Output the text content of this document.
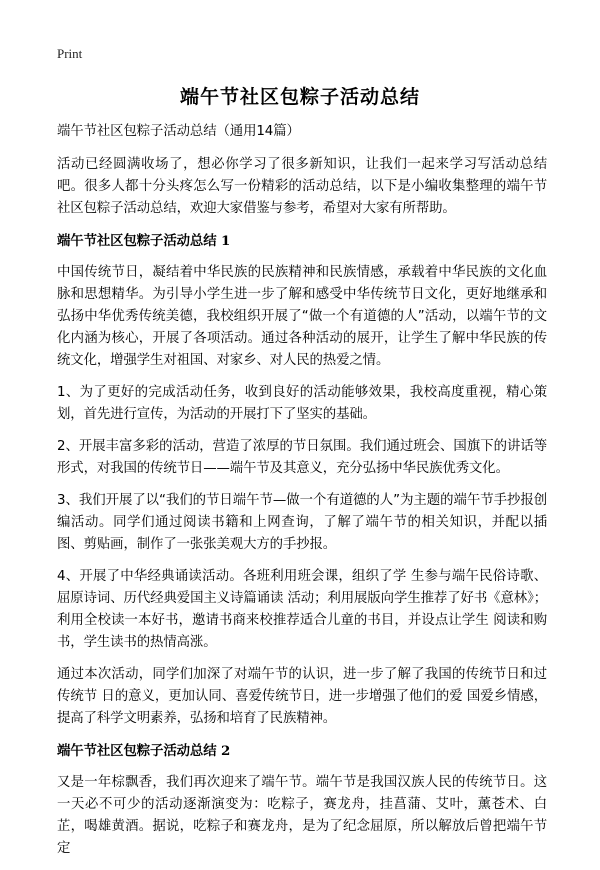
Print
端午节社区包粽子活动总结

端午节社区包粽子活动总结（通用14篇）

活动已经圆满收场了，想必你学习了很多新知识，让我们一起来学习写活动总结吧。很多人都十分头疼怎么写一份精彩的活动总结，以下是小编收集整理的端午节社区包粽子活动总结，欢迎大家借鉴与参考，希望对大家有所帮助。

端午节社区包粽子活动总结 1

中国传统节日，凝结着中华民族的民族精神和民族情感，承载着中华民族的文化血脉和思想精华。为引导小学生进一步了解和感受中华传统节日文化，更好地继承和弘扬中华优秀传统美德，我校组织开展了“做一个有道德的人”活动，以端午节的文化内涵为核心，开展了各项活动。通过各种活动的展开，让学生了解中华民族的传统文化，增强学生对祖国、对家乡、对人民的热爱之情。

1、为了更好的完成活动任务，收到良好的活动能够效果，我校高度重视，精心策划，首先进行宣传，为活动的开展打下了坚实的基础。

2、开展丰富多彩的活动，营造了浓厚的节日氛围。我们通过班会、国旗下的讲话等形式，对我国的传统节日——端午节及其意义，充分弘扬中华民族优秀文化。

3、我们开展了以“我们的节日端午节—做一个有道德的人”为主题的端午节手抄报创编活动。同学们通过阅读书籍和上网查询，了解了端午节的相关知识，并配以插图、剪贴画，制作了一张张美观大方的手抄报。

4、开展了中华经典诵读活动。各班利用班会课，组织了学 生参与端午民俗诗歌、屈原诗词、历代经典爱国主义诗篇诵读 活动；利用展版向学生推荐了好书《意林》；利用全校读一本好书，邀请书商来校推荐适合儿童的书目，并设点让学生 阅读和购书，学生读书的热情高涨。

通过本次活动，同学们加深了对端午节的认识，进一步了解了我国的传统节日和过传统节 日的意义，更加认同、喜爱传统节日，进一步增强了他们的爱 国爱乡情感，提高了科学文明素养，弘扬和培育了民族精神。

端午节社区包粽子活动总结 2

又是一年棕飘香，我们再次迎来了端午节。端午节是我国汉族人民的传统节日。这一天必不可少的活动逐渐演变为：吃粽子，赛龙舟，挂菖蒲、艾叶，薰苍术、白芷，喝雄黄酒。据说，吃粽子和赛龙舟，是为了纪念屈原，所以解放后曾把端午节定
